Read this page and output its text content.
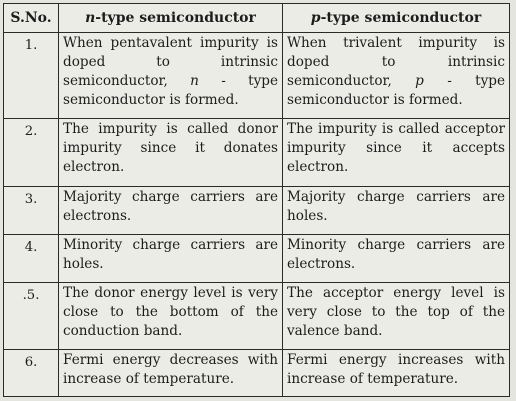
S.No.	n-type semiconductor	p-type semiconductor
1.	When pentavalent impurity is doped to intrinsic semiconductor, n - type semiconductor is formed.	When trivalent impurity is doped to intrinsic semiconductor, p - type semiconductor is formed.
2.	The impurity is called donor impurity since it donates electron.	The impurity is called acceptor impurity since it accepts electron.
3.	Majority charge carriers are electrons.	Majority charge carriers are holes.
4.	Minority charge carriers are holes.	Minority charge carriers are electrons.
.5.	The donor energy level is very close to the bottom of the conduction band.	The acceptor energy level is very close to the top of the valence band.
6.	Fermi energy decreases with increase of temperature.	Fermi energy increases with increase of temperature.
